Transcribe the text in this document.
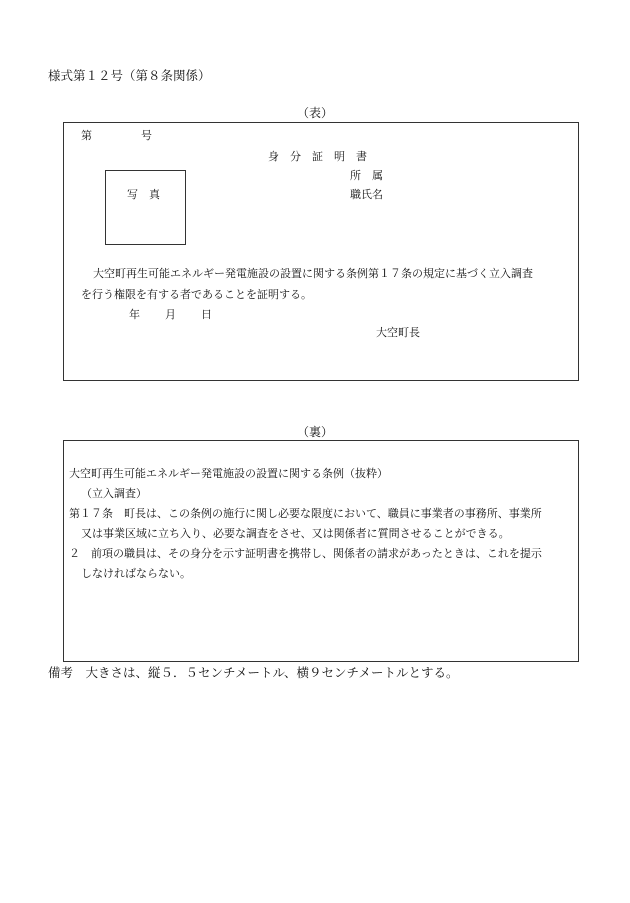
様式第１２号（第８条関係）
（表）
第	号
身　分　証　明　書
所　属
職氏名
写　真
大空町再生可能エネルギー発電施設の設置に関する条例第１７条の規定に基づく立入調査
を行う権限を有する者であることを証明する。
年 月 日
大空町長
（裏）
大空町再生可能エネルギー発電施設の設置に関する条例（抜粋）
（立入調査）
第１７条　町長は、この条例の施行に関し必要な限度において、職員に事業者の事務所、事業所
又は事業区域に立ち入り、必要な調査をさせ、又は関係者に質問させることができる。
２　前項の職員は、その身分を示す証明書を携帯し、関係者の請求があったときは、これを提示
しなければならない。
備考　大きさは、縦５．５センチメートル、横９センチメートルとする。
